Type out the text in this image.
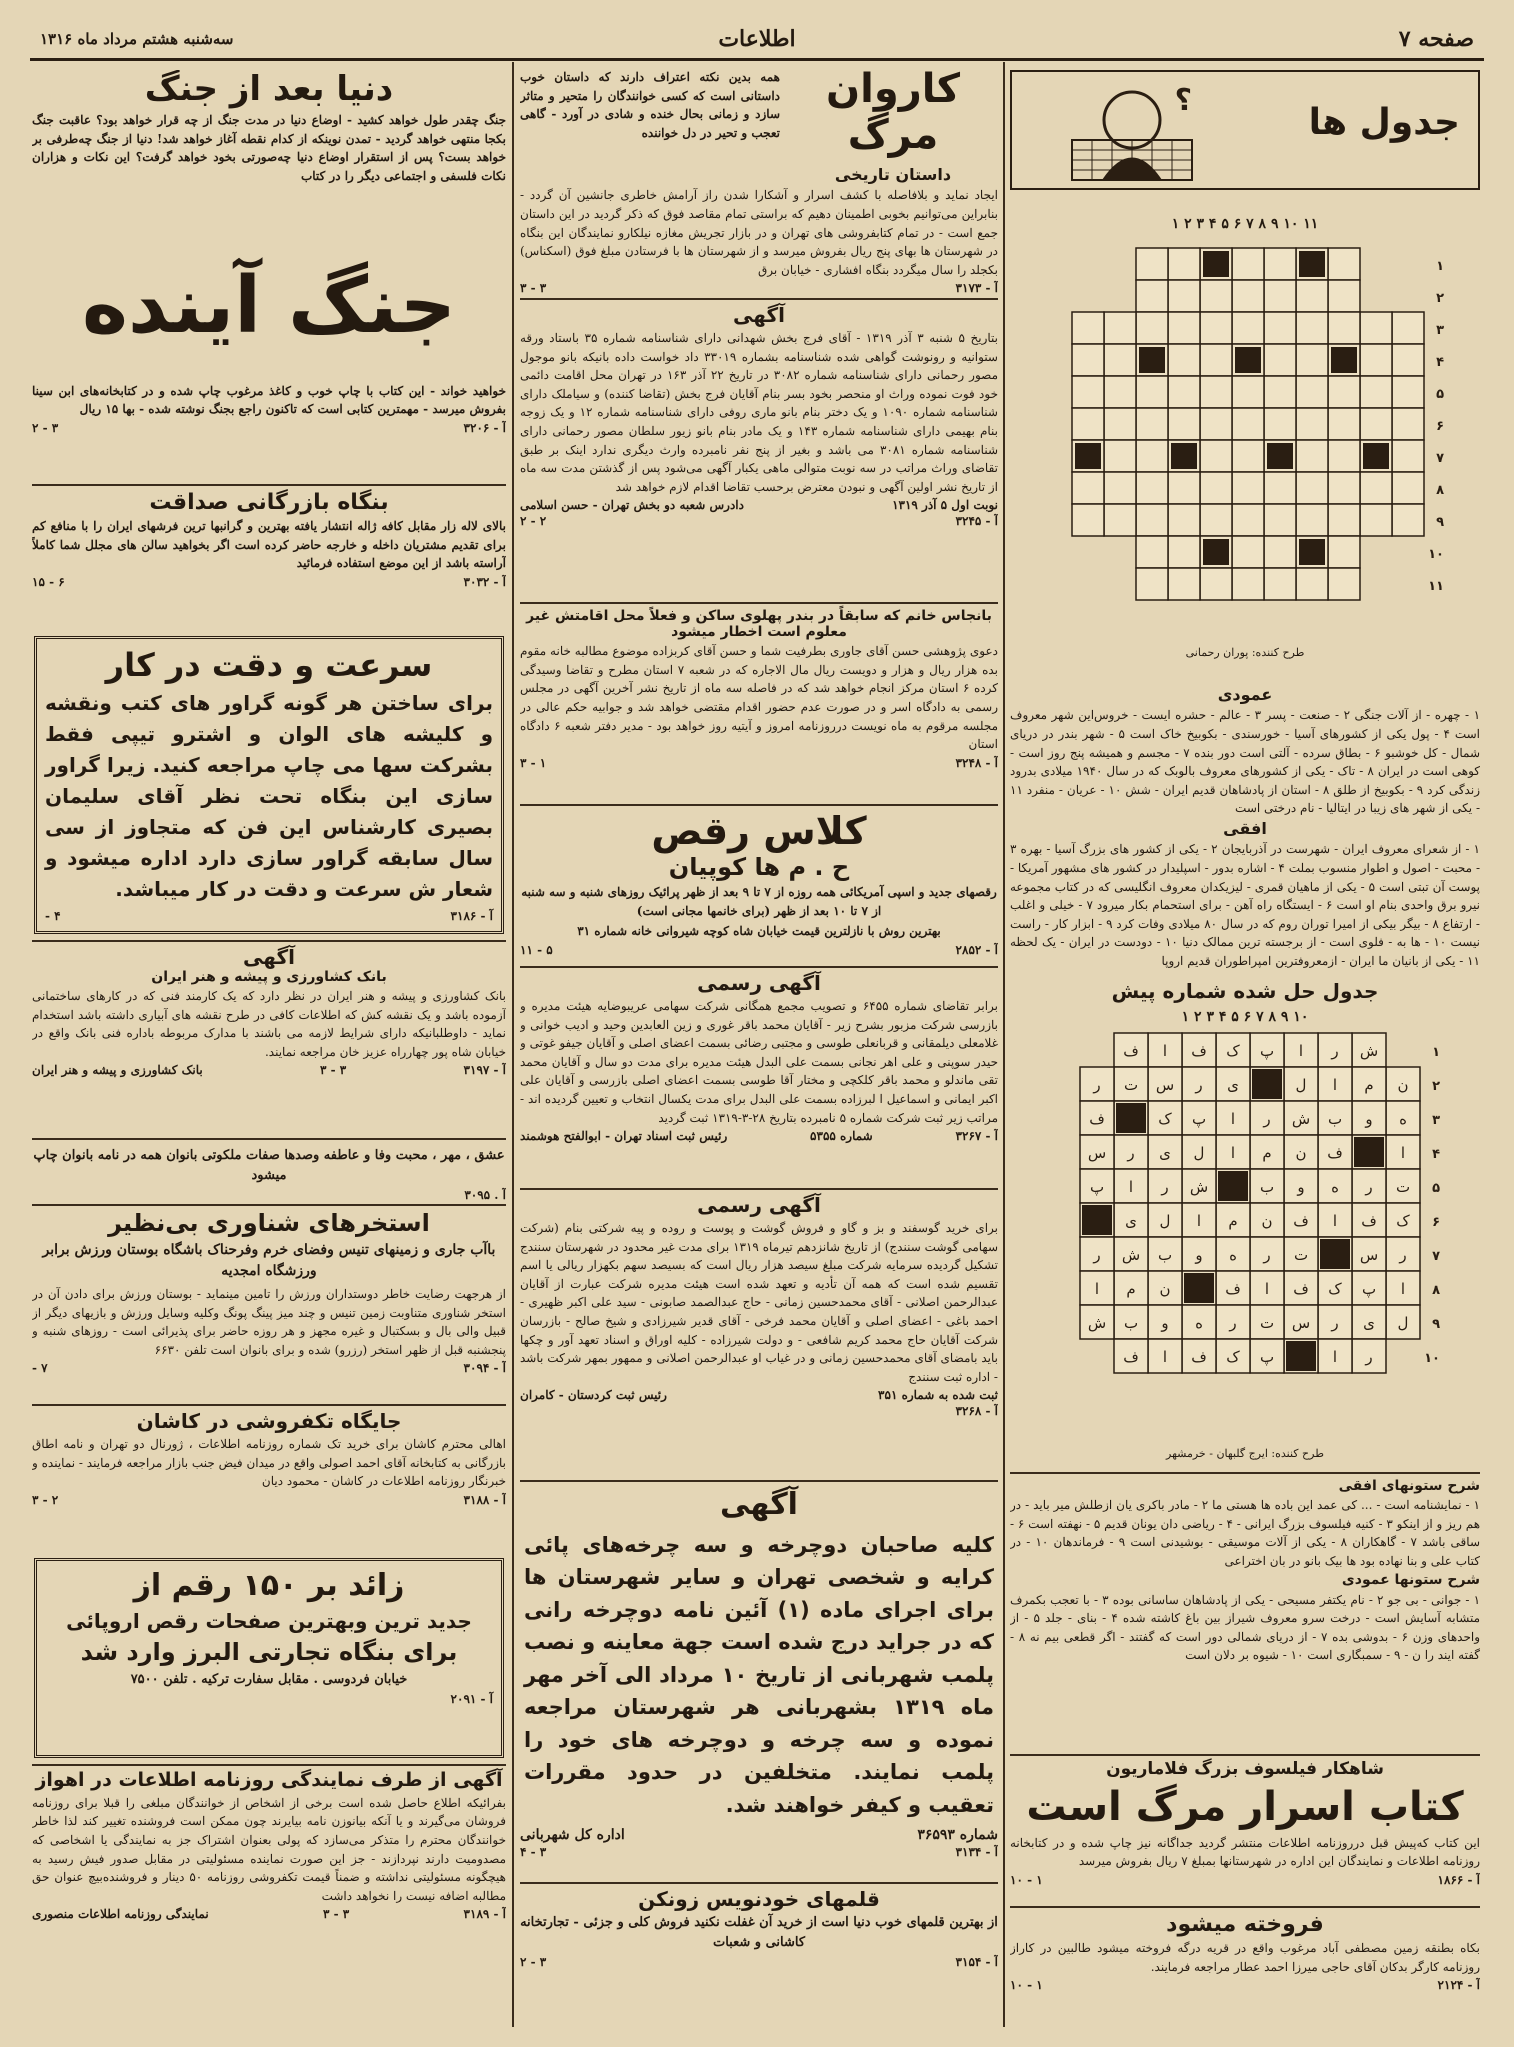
صفحه ۷
اطلاعات
سه‌شنبه هشتم مرداد ماه ۱۳۱۶
جدول ها
؟
۱۱ ۱۰ ۹ ۸ ۷ ۶ ۵ ۴ ۳ ۲ ۱
۱
۲
۳
۴
۵
۶
۷
۸
۹
۱۰
۱۱
طرح کننده: پوران رحمانی
عمودی

۱ - چهره - از آلات جنگی ۲ - صنعت - پسر ۳ - عالم - حشره ایست - خروس‌این شهر معروف است ۴ - پول یکی از کشورهای آسیا - خورسندی - بکوبیخ خاک است ۵ - شهر بندر در دریای شمال - کل خوشبو ۶ - بطاق سرده - آلتی است دور بنده ۷ - مجسم و همیشه پنج روز است - کوهی است در ایران ۸ - تاک - یکی از کشورهای معروف بالوبک که در سال ۱۹۴۰ میلادی بدرود زندگی کرد ۹ - بکوبیخ از طلق ۸ - استان از پادشاهان قدیم ایران - شش ۱۰ - عریان - منفرد ۱۱ - یکی از شهر های زیبا در ایتالیا - نام درختی است

افقی

۱ - از شعرای معروف ایران - شهرست در آذربایجان ۲ - یکی از کشور های بزرگ آسیا - بهره ۳ - محبت - اصول و اطوار منسوب بملت ۴ - اشاره بدور - اسپلیدار در کشور های مشهور آمریکا - پوست آن تبتی است ۵ - یکی از ماهیان قمری - لیزیکدان معروف انگلیسی که در کتاب مجموعه نیرو برق واحدی بنام او است ۶ - ایستگاه راه آهن - برای استحمام بکار میرود ۷ - خیلی و اغلب - ارتفاع ۸ - بیگر بیکی از امیرا توران روم که در سال ۸۰ میلادی وفات کرد ۹ - ابزار کار - راست نیست ۱۰ - ها به - فلوی است - از برجسته ترین ممالک دنیا ۱۰ - دودست در ایران - یک لحظه ۱۱ - یکی از بانیان ما ایران - ازمعروفترین امپراطوران قدیم اروپا

جدول حل شده شماره پیش
۱۰ ۹ ۸ ۷ ۶ ۵ ۴ ۳ ۲ ۱
ش
ر
ا
پ
ک
ف
ا
ف
ن
م
ا
ل
ی
ر
س
ت
ر
ه
و
ب
ش
ر
ا
پ
ک
ف
ا
ف
ن
م
ا
ل
ی
ر
س
ت
ر
ه
و
ب
ش
ر
ا
پ
ک
ف
ا
ف
ن
م
ا
ل
ی
ر
س
ت
ر
ه
و
ب
ش
ر
ا
پ
ک
ف
ا
ف
ن
م
ا
ل
ی
ر
س
ت
ر
ه
و
ب
ش
ر
ا
پ
ک
ف
ا
ف
۱
۲
۳
۴
۵
۶
۷
۸
۹
۱۰
طرح کننده: ایرج گلبهان - خرمشهر
شرح ستونهای افقی

۱ - نمایشنامه است - ... کی عمد این باده ها هستی ما ۲ - مادر باکری یان ازطلش میر باید - در هم ریز و از اینکو ۳ - کنیه فیلسوف بزرگ ایرانی - ۴ - ریاضی دان یونان قدیم ۵ - نهفته است ۶ - ساقی باشد ۷ - گاهکاران ۸ - یکی از آلات موسیقی - بوشیدنی است ۹ - فرماندهان ۱۰ - در کتاب علی و بنا نهاده بود ها بیک بانو در بان اختراعی

شرح ستونها عمودی

۱ - جوانی - بی جو ۲ - نام یکتفر مسیحی - یکی از پادشاهان ساسانی بوده ۳ - با تعجب بکمرف متشابه آسایش است - درخت سرو معروف شیراز بین باغ کاشته شده ۴ - بنای - جلد ۵ - از واحدهای وزن ۶ - بدوشی بده ۷ - از دریای شمالی دور است که گفتند - اگر قطعی بیم نه ۸ - گفته ایند را ن - ۹ - سمبگاری است ۱۰ - شیوه بر دلان است

شاهکار فیلسوف بزرگ فلاماریون
کتاب اسرار مرگ است

این کتاب که‌پیش قبل درروزنامه اطلاعات منتشر گردید جداگانه نیز چاپ شده و در کتابخانه روزنامه اطلاعات و نمایندگان این اداره در شهرستانها بمبلغ ۷ ریال بفروش میرسد

آ - ۱۸۶۶
۱ - ۱۰
فروخته میشود

بکاه بطنقه زمین مصطفی آباد مرغوب واقع در قریه درگه فروخته میشود طالبین در کاراز روزنامه کارگر بدکان آقای حاجی میرزا احمد عطار مراجعه فرمایند.

آ - ۲۱۲۴
۱ - ۱۰
کاروان مرگ
داستان تاریخی

همه بدین نکته اعتراف دارند که داستان خوب داستانی است که کسی خوانندگان را متحیر و متاثر سازد و زمانی بحال خنده و شادی در آورد - گاهی تعجب و تحیر در دل خواننده

ایجاد نماید و بلافاصله با کشف اسرار و آشکارا شدن راز آرامش خاطری جانشین آن گردد - بنابراین می‌توانیم بخوبی اطمینان دهیم که براستی تمام مقاصد فوق که ذکر گردید در این داستان جمع است - در تمام کتابفروشی های تهران و در بازار تجریش مغازه نیلکارو نمایندگان این بنگاه در شهرستان ها بهای پنج ریال بفروش میرسد و از شهرستان ها با فرستادن مبلغ فوق (اسکناس) بکجلد را سال میگردد بنگاه افشاری - خیابان برق

آ - ۳۱۷۳
۳ - ۳
آگهی

بتاریخ ۵ شنبه ۳ آذر ۱۳۱۹ - آقای فرج بخش شهدانی دارای شناسنامه شماره ۳۵ باستاد ورقه ستوانیه و رونوشت گواهی شده شناسنامه بشماره ۳۳۰۱۹ داد خواست داده بانیکه بانو موجول مصور رحمانی دارای شناسنامه شماره ۳۰۸۲ در تاریخ ۲۲ آذر ۱۶۳ در تهران محل اقامت دائمی خود فوت نموده وراث او منحصر بخود بسر بنام آقایان فرج بخش (تقاضا کننده) و سیاملک دارای شناسنامه شماره ۱۰۹۰ و یک دختر بنام بانو ماری روفی دارای شناسنامه شماره ۱۲ و یک زوجه بنام بهیمی دارای شناسنامه شماره ۱۴۳ و یک مادر بنام بانو زیور سلطان مصور رحمانی دارای شناسنامه شماره ۳۰۸۱ می باشد و بغیر از پنج نفر نامبرده وارث دیگری ندارد اینک بر طبق تقاضای وراث مراتب در سه نوبت متوالی ماهی یکبار آگهی می‌شود پس از گذشتن مدت سه ماه از تاریخ نشر اولین آگهی و نبودن معترض برحسب تقاضا اقدام لازم خواهد شد

نوبت اول ۵ آذر ۱۳۱۹
دادرس شعبه دو بخش تهران - حسن اسلامی
آ - ۳۲۴۵
۲ - ۲
بانجاس خانم که سابقاً در بندر پهلوی ساکن و فعلاً محل اقامتش غیر معلوم است اخطار میشود

دعوی پژوهشی حسن آقای جاوری بطرفیت شما و حسن آقای کربزاده موضوع مطالبه خانه مقوم بده هزار ریال و هزار و دویست ریال مال الاجاره که در شعبه ۷ استان مطرح و تقاضا وسیدگی کرده ۶ استان مرکز انجام خواهد شد که در فاصله سه ماه از تاریخ نشر آخرین آگهی در مجلس رسمی به دادگاه اسر و در صورت عدم حضور اقدام مقتضی خواهد شد و جوابیه حکم عالی در مجلسه مرقوم به ماه نویست درروزنامه امروز و آیتیه روز خواهد بود - مدیر دفتر شعبه ۶ دادگاه استان

آ - ۳۲۴۸
۱ - ۳
کلاس رقص
ح . م ها کوپیان

رقصهای جدید و اسپی آمریکائی همه روزه از ۷ تا ۹ بعد از ظهر پرائیک روزهای شنبه و سه شنبه از ۷ تا ۱۰ بعد از ظهر (برای خانمها مجانی است)

بهترین روش با نازلترین قیمت خیابان شاه کوچه شیروانی خانه شماره ۳۱

آ - ۲۸۵۲
۵ - ۱۱
آگهی رسمی

برابر تقاضای شماره ۶۴۵۵ و تصویب مجمع همگانی شرکت سهامی عریبوضایه هیئت مدیره و بازرسی شرکت مزبور بشرح زیر - آقایان محمد باقر غوری و زین العابدین وحید و ادیب خوانی و غلامعلی دیلمقانی و قربانعلی طوسی و مجتبی رضائی بسمت اعضای اصلی و آقایان جیفو غوتی و حیدر سوپنی و علی اهر نجانی بسمت علی البدل هیئت مدیره برای مدت دو سال و آقایان محمد تقی ماندلو و محمد باقر کلکچی و مختار آقا طوسی بسمت اعضای اصلی بازرسی و آقایان علی اکبر ایمانی و اسماعیل ا لبرزاده بسمت علی البدل برای مدت یکسال انتخاب و تعیین گردیده اند - مراتب زیر ثبت شرکت شماره ۵ نامبرده بتاریخ ۲۸-۳-۱۳۱۹ ثبت گردید

آ - ۳۲۶۷
شماره ۵۳۵۵
رئیس ثبت اسناد تهران - ابوالفتح هوشمند
آگهی رسمی

برای خرید گوسفند و بز و گاو و فروش گوشت و پوست و روده و پیه شرکتی بنام (شرکت سهامی گوشت سنندج) از تاریخ شانزدهم تیرماه ۱۳۱۹ برای مدت غیر محدود در شهرستان سنندج تشکیل گردیده سرمایه شرکت مبلغ سیصد هزار ریال است که بسیصد سهم بکهزار ریالی یا اسم تقسیم شده است که همه آن تأدیه و تعهد شده است هیئت مدیره شرکت عبارت از آقایان عبدالرحمن اصلانی - آقای محمدحسین زمانی - حاج عبدالصمد صابونی - سید علی اکبر ظهیری - احمد باغی - اعضای اصلی و آقایان محمد فرخی - آقای قدیر شیرزادی و شیخ صالح - بازرسان شرکت آقایان حاج محمد کریم شافعی - و دولت شیرزاده - کلیه اوراق و اسناد تعهد آور و چکها باید بامضای آقای محمدحسین زمانی و در غیاب او عبدالرحمن اصلانی و ممهور بمهر شرکت باشد - اداره ثبت سنندج

ثبت شده به شماره ۳۵۱
رئیس ثبت کردستان - کامران
آ - ۳۲۶۸
آگهی

کلیه صاحبان دوچرخه و سه چرخه‌های پائی کرایه و شخصی تهران و سایر شهرستان ها برای اجرای ماده (۱) آئین نامه دوچرخه رانی که در جراید درج شده است جهة معاینه و نصب پلمب شهربانی از تاریخ ۱۰ مرداد الی آخر مهر ماه ۱۳۱۹ بشهربانی هر شهرستان مراجعه نموده و سه چرخه و دوچرخه های خود را پلمب نمایند. متخلفین در حدود مقررات تعقیب و کیفر خواهند شد.

شماره ۳۶۵۹۳
اداره کل شهربانی
آ - ۳۱۳۴
۳ - ۴
قلمهای خودنویس زونکن

از بهترین قلمهای خوب دنیا است از خرید آن غفلت نکنید فروش کلی و جزئی - تجارتخانه کاشانی و شعبات

آ - ۳۱۵۴
۳ - ۲
دنیا بعد از جنگ

جنگ چقدر طول خواهد کشید - اوضاع دنیا در مدت جنگ از چه قرار خواهد بود؟ عاقبت جنگ بکجا منتهی خواهد گردید - تمدن نوینکه از کدام نقطه آغاز خواهد شد! دنیا از جنگ چه‌طرفی بر خواهد بست؟ پس از استقرار اوضاع دنیا چه‌صورتی بخود خواهد گرفت؟ این نکات و هزاران نکات فلسفی و اجتماعی دیگر را در کتاب

جنگ آینده

خواهید خواند - این کتاب با چاپ خوب و کاغذ مرغوب چاپ شده و در کتابخانه‌های ابن سینا بفروش میرسد - مهمترین کتابی است که تاکنون راجع بجنگ نوشته شده - بها ۱۵ ریال

آ - ۳۲۰۶
۳ - ۲
بنگاه بازرگانی صداقت

بالای لاله زار مقابل کافه ژاله انتشار یافته بهترین و گرانبها ترین فرشهای ایران را با منافع کم برای تقدیم مشتریان داخله و خارجه حاضر کرده است اگر بخواهید سالن های مجلل شما کاملاً آراسته باشد از این موضع استفاده فرمائید

آ - ۳۰۳۲
۶ - ۱۵
سرعت و دقت در کار

برای ساختن هر گونه گراور های کتب ونقشه و کلیشه های الوان و اشترو تیپی فقط بشرکت سها می چاپ مراجعه کنید. زیرا گراور سازی این بنگاه تحت نظر آقای سلیمان بصیری کارشناس این فن که متجاوز از سی سال سابقه گراور سازی دارد اداره میشود و شعار ش سرعت و دقت در کار میباشد.

آ - ۳۱۸۶
۴ -
آگهی
بانک کشاورزی و پیشه و هنر ایران

بانک کشاورزی و پیشه و هنر ایران در نظر دارد که یک کارمند فنی که در کارهای ساختمانی آزموده باشد و یک نقشه کش که اطلاعات کافی در طرح نقشه های آبیاری داشته باشد استخدام نماید - داوطلبانیکه دارای شرایط لازمه می باشند با مدارک مربوطه باداره فنی بانک واقع در خیابان شاه پور چهارراه عزیز خان مراجعه نمایند.

آ - ۳۱۹۷
۳ - ۳
بانک کشاورزی و پیشه و هنر ایران

عشق ، مهر ، محبت وفا و عاطفه وصدها صفات ملکوتی بانوان همه در نامه بانوان چاپ میشود

آ . ۳۰۹۵
استخرهای شناوری بی‌نظیر

باآب جاری و زمینهای تنیس وفضای خرم وفرحناک باشگاه بوستان ورزش برابر ورزشگاه امجدیه

از هرجهت رضایت خاطر دوستداران ورزش را تامین مینماید - بوستان ورزش برای دادن آن در استخر شناوری متناوبت زمین تنیس و چند میز پینگ پونگ وکلیه وسایل ورزش و بازیهای دیگر از قبیل والی بال و بسکتبال و غیره مجهز و هر روزه حاضر برای پذیرائی است - روزهای شنبه و پنجشنبه قبل از ظهر استخر (رزرو) شده و برای بانوان است تلفن ۶۶۳۰

آ - ۳۰۹۴
۷ -
جایگاه تکفروشی در کاشان

اهالی محترم کاشان برای خرید تک شماره روزنامه اطلاعات ، ژورنال دو تهران و نامه اطاق بازرگانی به کتابخانه آقای احمد اصولی واقع در میدان فیض جنب بازار مراجعه فرمایند - نماینده و خبرنگار روزنامه اطلاعات در کاشان - محمود دیان

آ - ۳۱۸۸
۲ - ۳
زائد بر ۱۵۰ رقم از
جدید ترین وبهترین صفحات رقص اروپائی
برای بنگاه تجارتی البرز وارد شد
خیابان فردوسی . مقابل سفارت ترکیه . تلفن ۷۵۰۰
آ - ۲۰۹۱
آگهی از طرف نمایندگی روزنامه اطلاعات در اهواز

بفرائیکه اطلاع حاصل شده است برخی از اشخاص از خوانندگان مبلغی را قبلا برای روزنامه فروشان می‌گیرند و یا آنکه بیانوزن نامه بیایرند چون ممکن است فروشنده تغییر کند لذا خاطر خوانندگان محترم را متذکر می‌سازد که پولی بعنوان اشتراک جز به ‌نمایندگی یا اشخاصی که مصدومیت دارند نپردازند - جز این صورت نماینده مسئولیتی در مقابل صدور فیش رسید به هیچگونه مسئولیتی نداشته و ضمناً قیمت تکفروشی روزنامه ۵۰ دینار و فروشنده‌بیچ عنوان حق مطالبه اضافه نیست را نخواهد داشت

آ - ۳۱۸۹
۳ - ۳
نمایندگی روزنامه اطلاعات منصوری
